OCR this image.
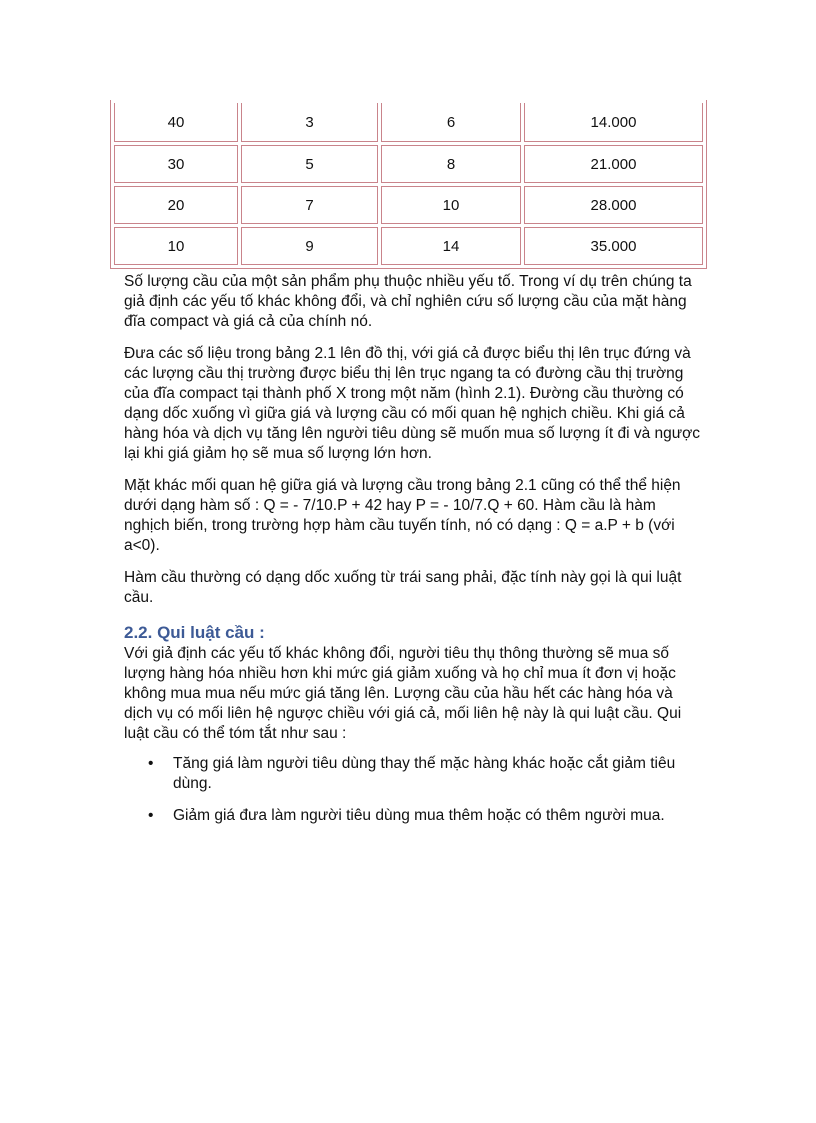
40	3	6	14.000
30	5	8	21.000
20	7	10	28.000
10	9	14	35.000

Số lượng cầu của một sản phẩm phụ thuộc nhiều yếu tố. Trong ví dụ trên chúng ta giả định các yếu tố khác không đổi, và chỉ nghiên cứu số lượng cầu của mặt hàng đĩa compact và giá cả của chính nó.

Đưa các số liệu trong bảng 2.1 lên đồ thị, với giá cả được biểu thị lên trục đứng và các lượng cầu thị trường được biểu thị lên trục ngang ta có đường cầu thị trường của đĩa compact tại thành phố X trong một năm (hình 2.1). Đường cầu thường có dạng dốc xuống vì giữa giá và lượng cầu có mối quan hệ nghịch chiều. Khi giá cả hàng hóa và dịch vụ tăng lên người tiêu dùng sẽ muốn mua số lượng ít đi và ngược lại khi giá giảm họ sẽ mua số lượng lớn hơn.

Mặt khác mối quan hệ giữa giá và lượng cầu trong bảng 2.1 cũng có thể thể hiện dưới dạng hàm số : Q = - 7/10.P + 42 hay P = - 10/7.Q + 60. Hàm cầu là hàm nghịch biến, trong trường hợp hàm cầu tuyến tính, nó có dạng : Q = a.P + b (với a<0).

Hàm cầu thường có dạng dốc xuống từ trái sang phải, đặc tính này gọi là qui luật cầu.

2.2. Qui luật cầu :

Với giả định các yếu tố khác không đổi, người tiêu thụ thông thường sẽ mua số lượng hàng hóa nhiều hơn khi mức giá giảm xuống và họ chỉ mua ít đơn vị hoặc không mua mua nếu mức giá tăng lên. Lượng cầu của hầu hết các hàng hóa và dịch vụ có mối liên hệ ngược chiều với giá cả, mối liên hệ này là qui luật cầu. Qui luật cầu có thể tóm tắt như sau :

• Tăng giá làm người tiêu dùng thay thế mặc hàng khác hoặc cắt giảm tiêu dùng.
• Giảm giá đưa làm người tiêu dùng mua thêm hoặc có thêm người mua.
